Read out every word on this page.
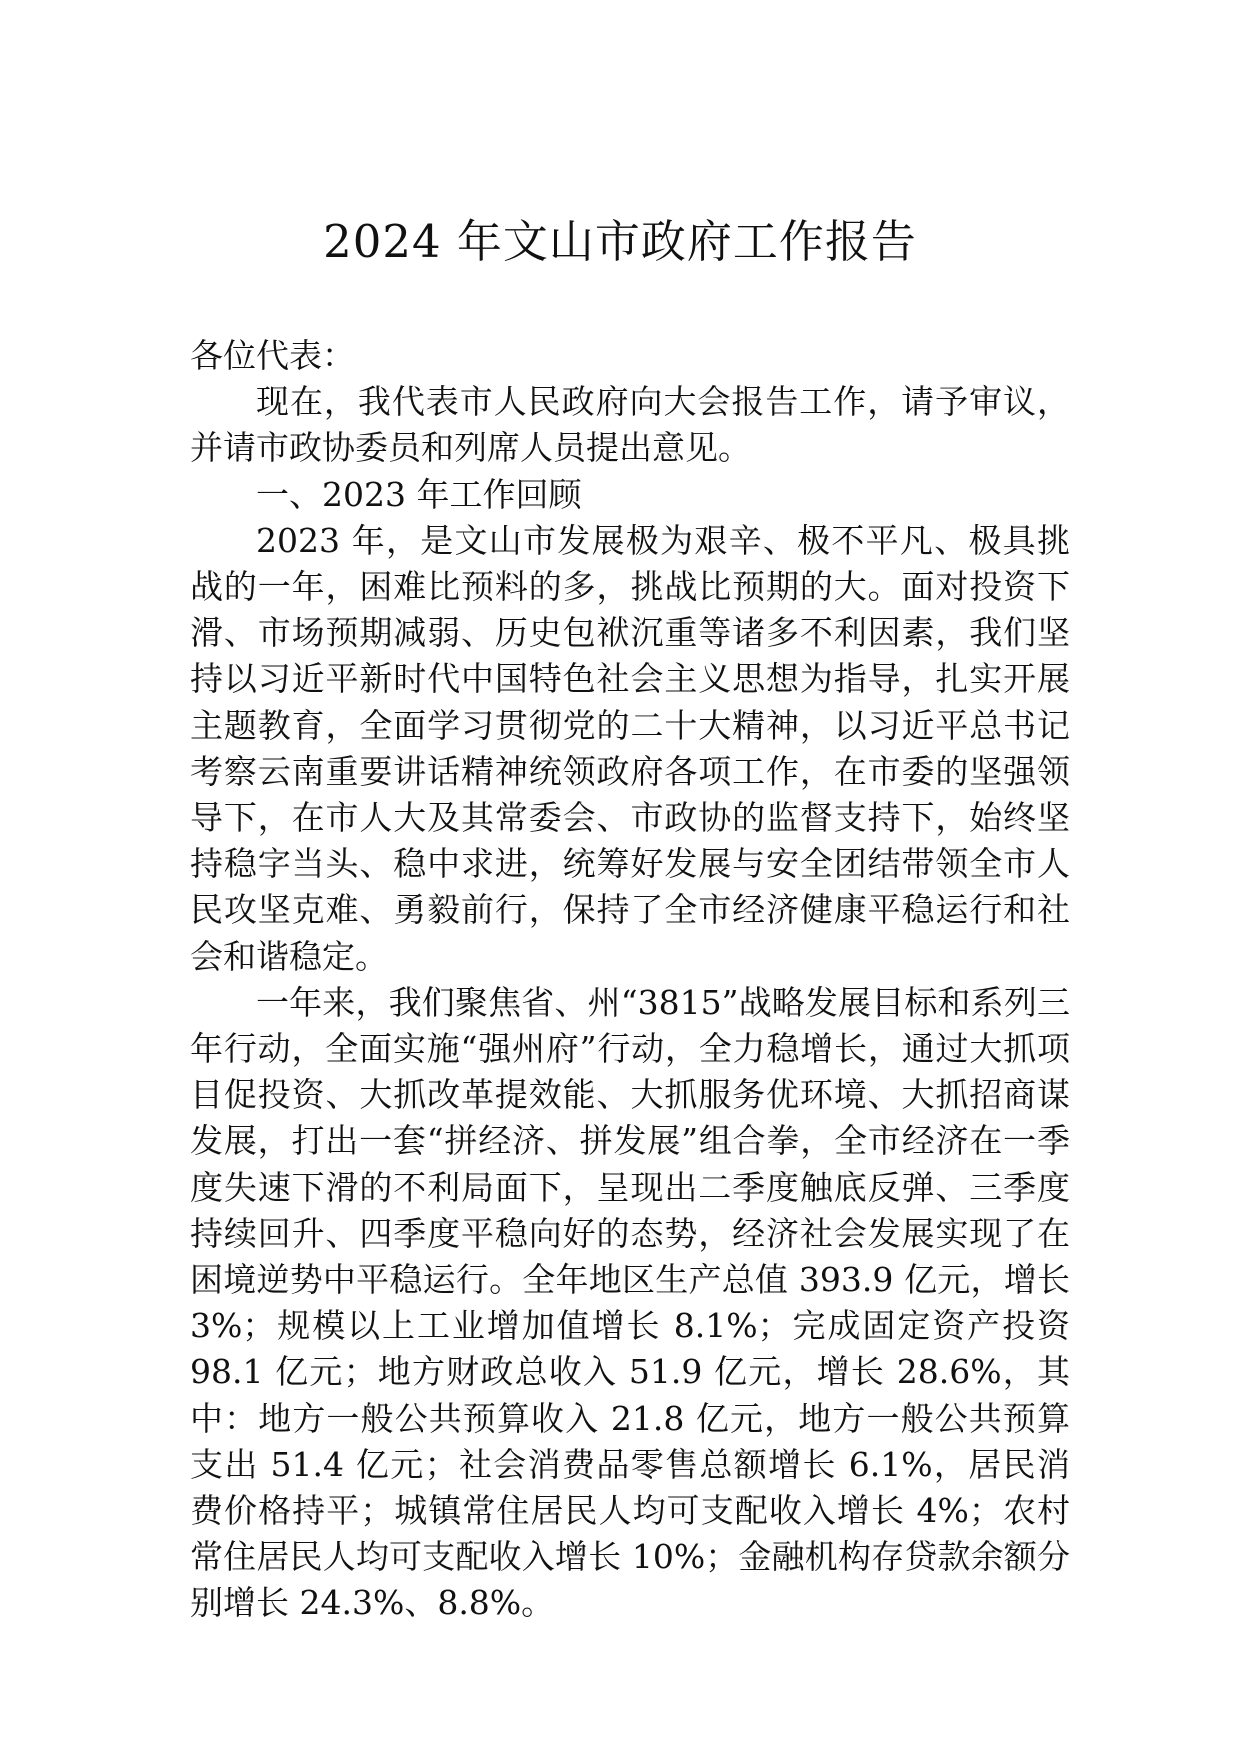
2024 年文山市政府工作报告

各位代表：

现在，我代表市人民政府向大会报告工作，请予审议，并请市政协委员和列席人员提出意见。

一、2023 年工作回顾

2023 年，是文山市发展极为艰辛、极不平凡、极具挑战的一年，困难比预料的多，挑战比预期的大。面对投资下滑、市场预期减弱、历史包袱沉重等诸多不利因素，我们坚持以习近平新时代中国特色社会主义思想为指导，扎实开展主题教育，全面学习贯彻党的二十大精神，以习近平总书记考察云南重要讲话精神统领政府各项工作，在市委的坚强领导下，在市人大及其常委会、市政协的监督支持下，始终坚持稳字当头、稳中求进，统筹好发展与安全团结带领全市人民攻坚克难、勇毅前行，保持了全市经济健康平稳运行和社会和谐稳定。

一年来，我们聚焦省、州“3815”战略发展目标和系列三年行动，全面实施“强州府”行动，全力稳增长，通过大抓项目促投资、大抓改革提效能、大抓服务优环境、大抓招商谋发展，打出一套“拼经济、拼发展”组合拳，全市经济在一季度失速下滑的不利局面下，呈现出二季度触底反弹、三季度持续回升、四季度平稳向好的态势，经济社会发展实现了在困境逆势中平稳运行。全年地区生产总值 393.9 亿元，增长 3%；规模以上工业增加值增长 8.1%；完成固定资产投资 98.1 亿元；地方财政总收入 51.9 亿元，增长 28.6%，其中：地方一般公共预算收入 21.8 亿元，地方一般公共预算支出 51.4 亿元；社会消费品零售总额增长 6.1%，居民消费价格持平；城镇常住居民人均可支配收入增长 4%；农村常住居民人均可支配收入增长 10%；金融机构存贷款余额分别增长 24.3%、8.8%。
